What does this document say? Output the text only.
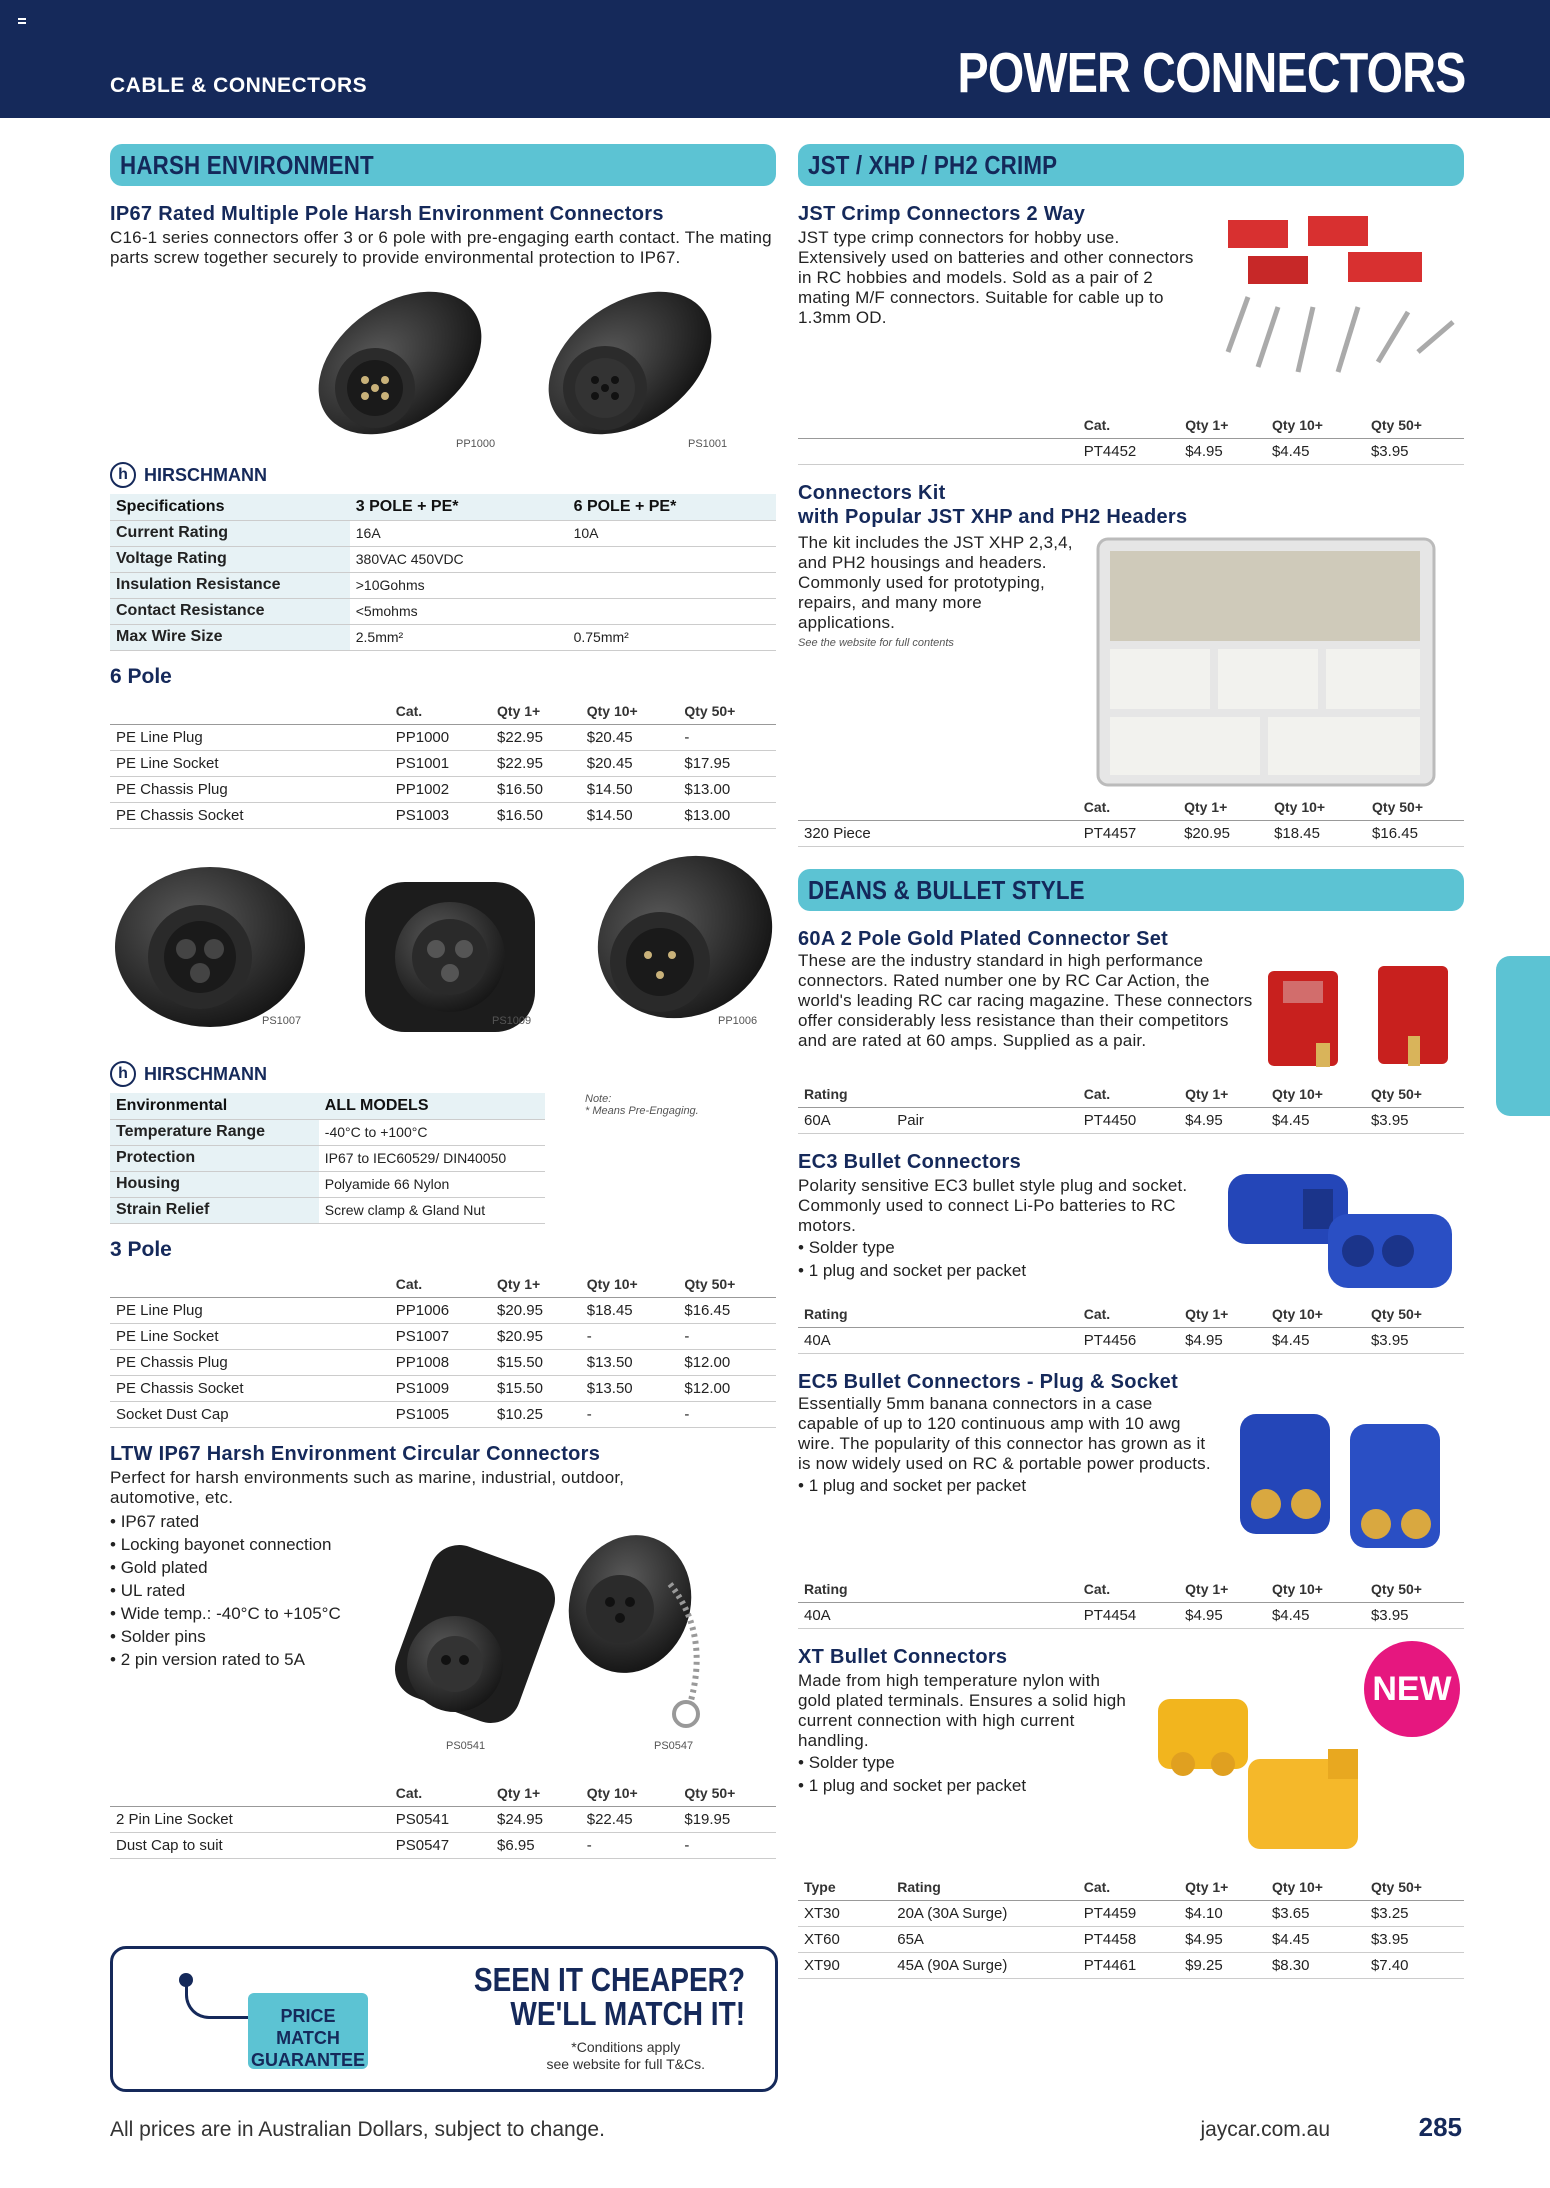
CABLE & CONNECTORS	POWER CONNECTORS
HARSH ENVIRONMENT
IP67 Rated Multiple Pole Harsh Environment Connectors
C16-1 series connectors offer 3 or 6 pole with pre-engaging earth contact. The mating parts screw together securely to provide environmental protection to IP67.
PP1000	PS1001
h HIRSCHMANN
Specifications	3 POLE + PE*	6 POLE + PE*
Current Rating	16A	10A
Voltage Rating	380VAC 450VDC	
Insulation Resistance	>10Gohms	
Contact Resistance	<5mohms	
Max Wire Size	2.5mm²	0.75mm²
6 Pole
	Cat.	Qty 1+	Qty 10+	Qty 50+
PE Line Plug	PP1000	$22.95	$20.45	-
PE Line Socket	PS1001	$22.95	$20.45	$17.95
PE Chassis Plug	PP1002	$16.50	$14.50	$13.00
PE Chassis Socket	PS1003	$16.50	$14.50	$13.00
PS1007	PS1009	PP1006
h HIRSCHMANN
Environmental	ALL MODELS
Temperature Range	-40°C to +100°C
Protection	IP67 to IEC60529/ DIN40050
Housing	Polyamide 66 Nylon
Strain Relief	Screw clamp & Gland Nut
Note:
* Means Pre-Engaging.
3 Pole
	Cat.	Qty 1+	Qty 10+	Qty 50+
PE Line Plug	PP1006	$20.95	$18.45	$16.45
PE Line Socket	PS1007	$20.95	-	-
PE Chassis Plug	PP1008	$15.50	$13.50	$12.00
PE Chassis Socket	PS1009	$15.50	$13.50	$12.00
Socket Dust Cap	PS1005	$10.25	-	-
LTW IP67 Harsh Environment Circular Connectors
Perfect for harsh environments such as marine, industrial, outdoor, automotive, etc.
• IP67 rated
• Locking bayonet connection
• Gold plated
• UL rated
• Wide temp.: -40°C to +105°C
• Solder pins
• 2 pin version rated to 5A
PS0541	PS0547
	Cat.	Qty 1+	Qty 10+	Qty 50+
2 Pin Line Socket	PS0541	$24.95	$22.45	$19.95
Dust Cap to suit	PS0547	$6.95	-	-
JST / XHP / PH2 CRIMP
JST Crimp Connectors 2 Way
JST type crimp connectors for hobby use. Extensively used on batteries and other connectors in RC hobbies and models. Sold as a pair of 2 mating M/F connectors. Suitable for cable up to 1.3mm OD.
	Cat.	Qty 1+	Qty 10+	Qty 50+
	PT4452	$4.95	$4.45	$3.95
Connectors Kit
with Popular JST XHP and PH2 Headers
The kit includes the JST XHP 2,3,4, and PH2 housings and headers. Commonly used for prototyping, repairs, and many more applications.
See the website for full contents
	Cat.	Qty 1+	Qty 10+	Qty 50+
320 Piece	PT4457	$20.95	$18.45	$16.45
DEANS & BULLET STYLE
60A 2 Pole Gold Plated Connector Set
These are the industry standard in high performance connectors. Rated number one by RC Car Action, the world's leading RC car racing magazine. These connectors offer considerably less resistance than their competitors and are rated at 60 amps. Supplied as a pair.
Rating		Cat.	Qty 1+	Qty 10+	Qty 50+
60A	Pair	PT4450	$4.95	$4.45	$3.95
EC3 Bullet Connectors
Polarity sensitive EC3 bullet style plug and socket. Commonly used to connect Li-Po batteries to RC motors.
• Solder type
• 1 plug and socket per packet
Rating		Cat.	Qty 1+	Qty 10+	Qty 50+
40A		PT4456	$4.95	$4.45	$3.95
EC5 Bullet Connectors - Plug & Socket
Essentially 5mm banana connectors in a case capable of up to 120 continuous amp with 10 awg wire. The popularity of this connector has grown as it is now widely used on RC & portable power products.
• 1 plug and socket per packet
Rating		Cat.	Qty 1+	Qty 10+	Qty 50+
40A		PT4454	$4.95	$4.45	$3.95
XT Bullet Connectors
Made from high temperature nylon with gold plated terminals. Ensures a solid high current connection with high current handling.
• Solder type
• 1 plug and socket per packet
NEW
Type	Rating	Cat.	Qty 1+	Qty 10+	Qty 50+
XT30	20A (30A Surge)	PT4459	$4.10	$3.65	$3.25
XT60	65A	PT4458	$4.95	$4.45	$3.95
XT90	45A (90A Surge)	PT4461	$9.25	$8.30	$7.40
PRICE MATCH GUARANTEE
SEEN IT CHEAPER?
WE'LL MATCH IT!
*Conditions apply
see website for full T&Cs.
All prices are in Australian Dollars, subject to change.	jaycar.com.au	285
